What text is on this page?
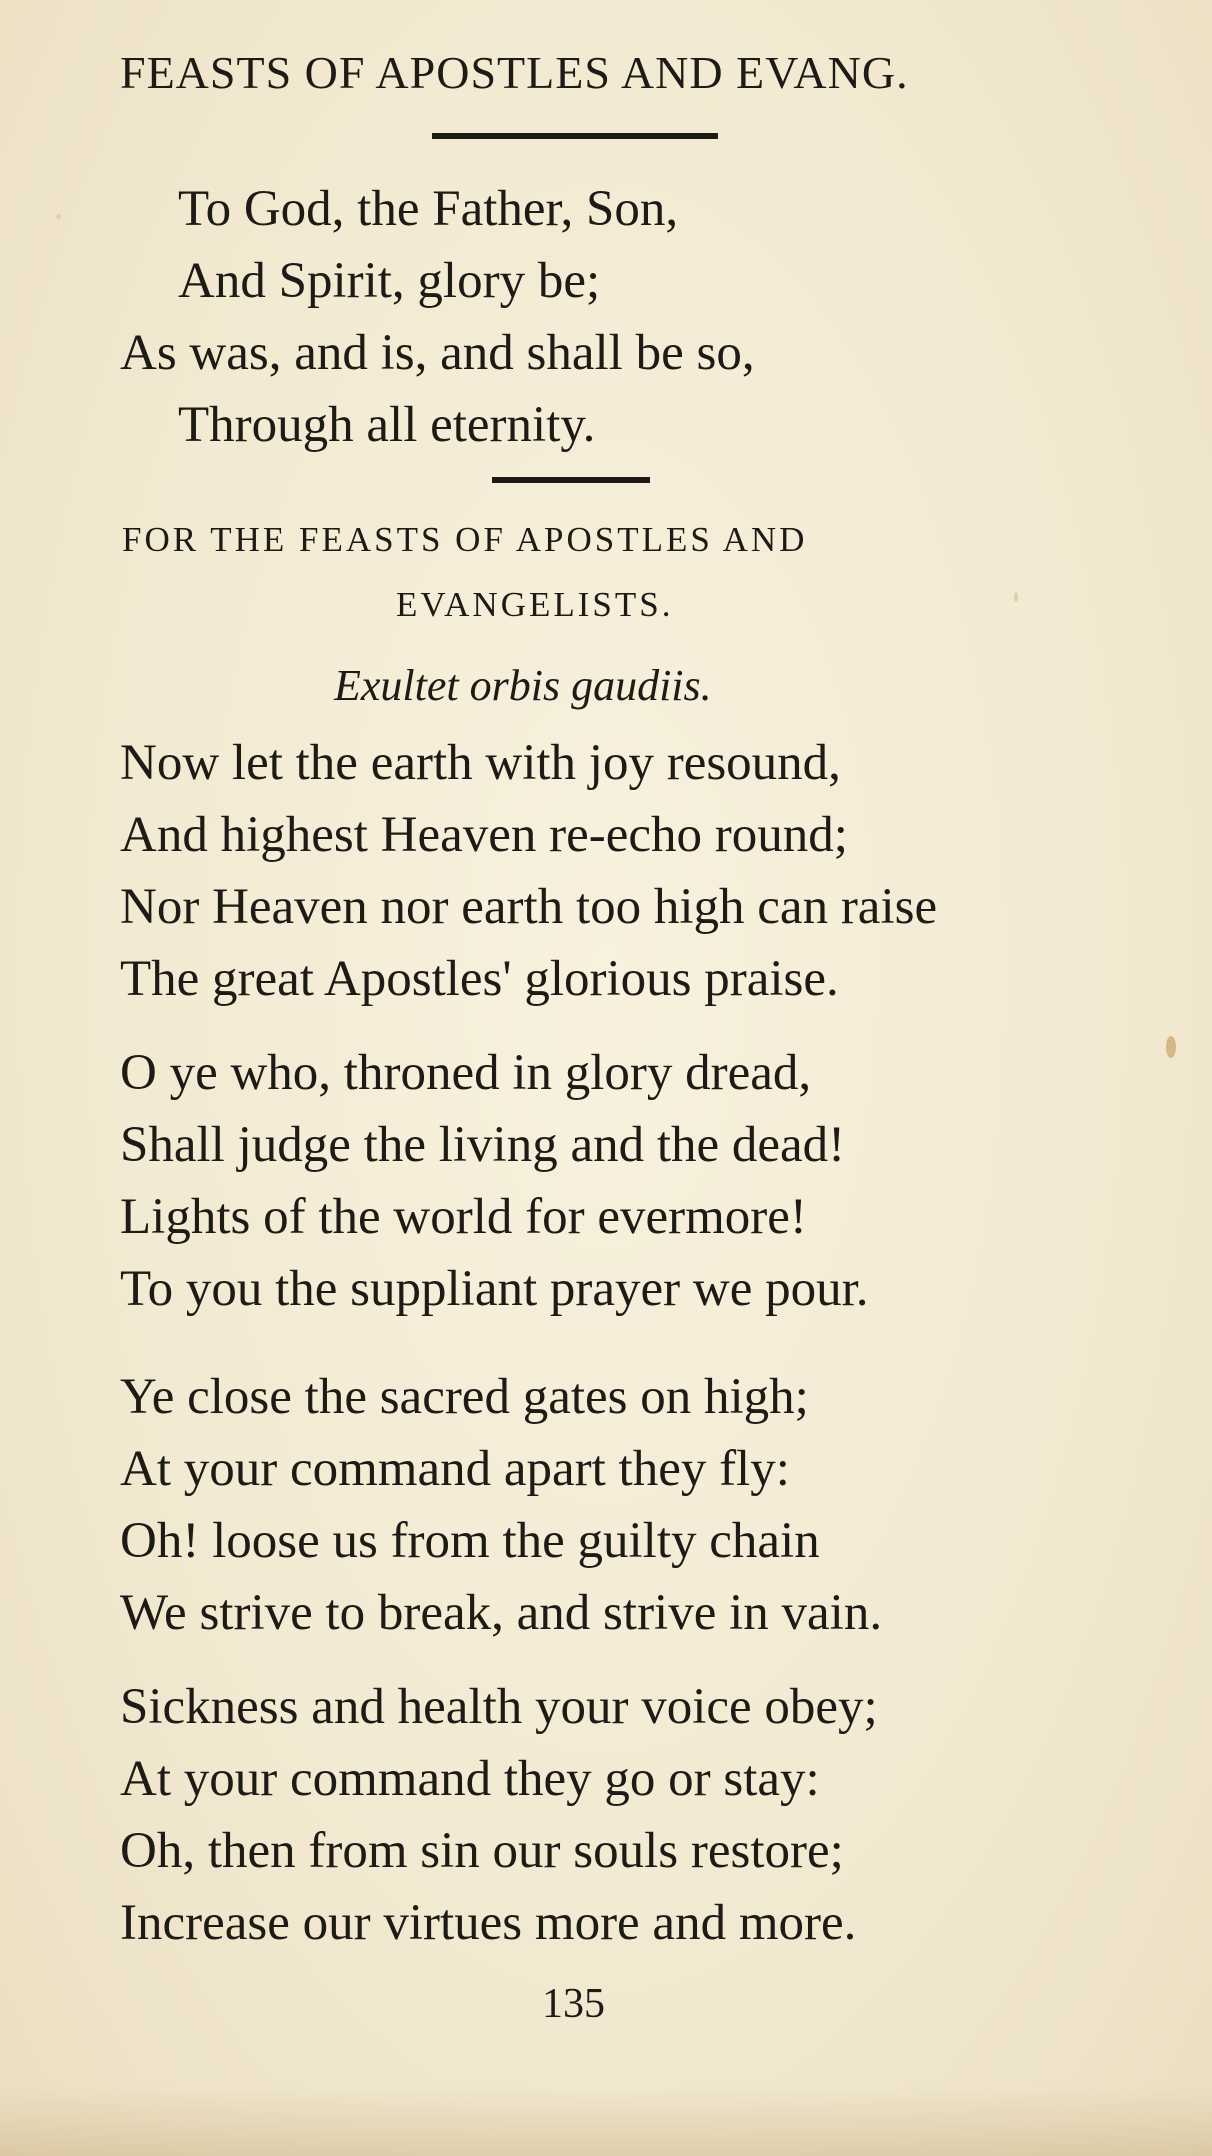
FEASTS OF APOSTLES AND EVANG.
To God, the Father, Son,
And Spirit, glory be;
As was, and is, and shall be so,
Through all eternity.
FOR THE FEASTS OF APOSTLES AND
EVANGELISTS.
Exultet orbis gaudiis.
Now let the earth with joy resound,
And highest Heaven re-echo round;
Nor Heaven nor earth too high can raise
The great Apostles' glorious praise.
O ye who, throned in glory dread,
Shall judge the living and the dead!
Lights of the world for evermore!
To you the suppliant prayer we pour.
Ye close the sacred gates on high;
At your command apart they fly:
Oh! loose us from the guilty chain
We strive to break, and strive in vain.
Sickness and health your voice obey;
At your command they go or stay:
Oh, then from sin our souls restore;
Increase our virtues more and more.
135
